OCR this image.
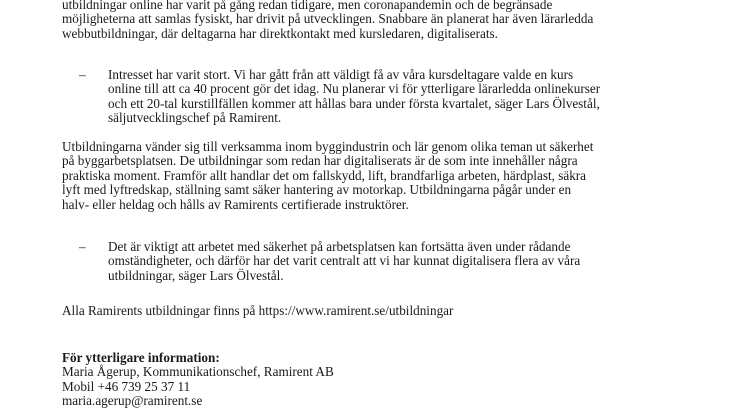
utbildningar online har varit på gång redan tidigare, men coronapandemin och de begränsade
möjligheterna att samlas fysiskt, har drivit på utvecklingen. Snabbare än planerat har även lärarledda
webbutbildningar, där deltagarna har direktkontakt med kursledaren, digitaliserats.
– Intresset har varit stort. Vi har gått från att väldigt få av våra kursdeltagare valde en kurs
online till att ca 40 procent gör det idag. Nu planerar vi för ytterligare lärarledda onlinekurser
och ett 20-tal kurstillfällen kommer att hållas bara under första kvartalet, säger Lars Ölvestål,
säljutvecklingschef på Ramirent.
Utbildningarna vänder sig till verksamma inom byggindustrin och lär genom olika teman ut säkerhet
på byggarbetsplatsen. De utbildningar som redan har digitaliserats är de som inte innehåller några
praktiska moment. Framför allt handlar det om fallskydd, lift, brandfarliga arbeten, härdplast, säkra
lyft med lyftredskap, ställning samt säker hantering av motorkap. Utbildningarna pågår under en
halv- eller heldag och hålls av Ramirents certifierade instruktörer.
– Det är viktigt att arbetet med säkerhet på arbetsplatsen kan fortsätta även under rådande
omständigheter, och därför har det varit centralt att vi har kunnat digitalisera flera av våra
utbildningar, säger Lars Ölvestål.
Alla Ramirents utbildningar finns på https://www.ramirent.se/utbildningar
För ytterligare information:
Maria Ågerup, Kommunikationschef, Ramirent AB
Mobil +46 739 25 37 11
maria.agerup@ramirent.se
